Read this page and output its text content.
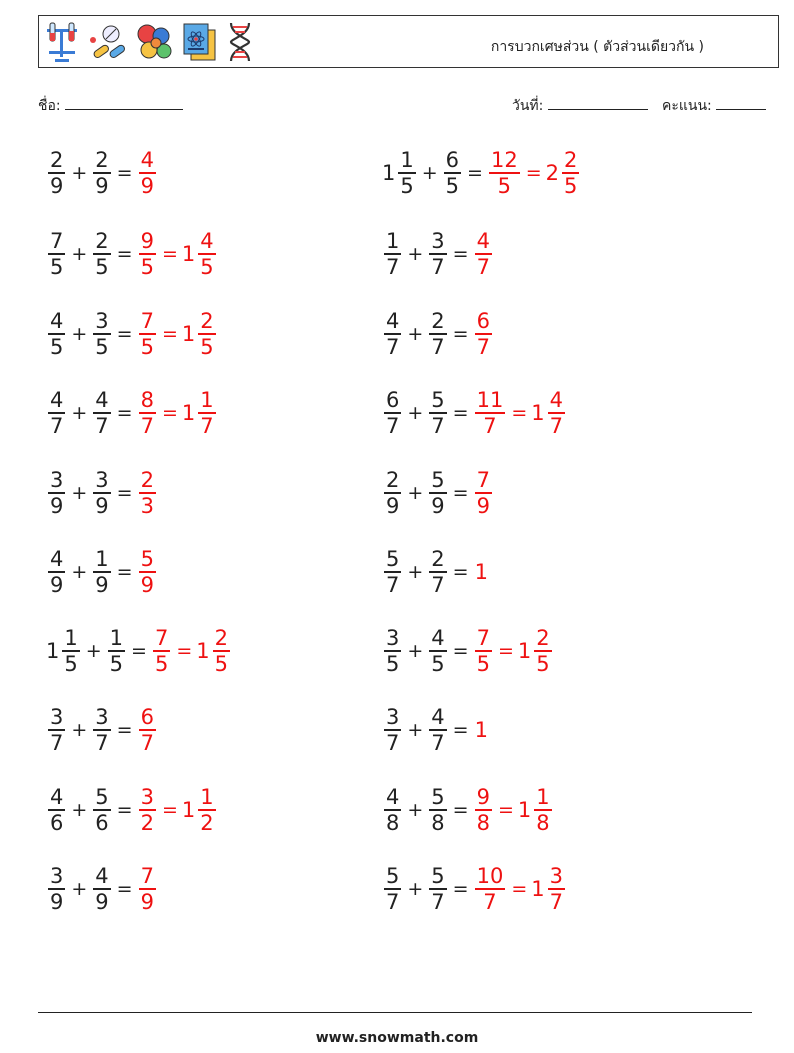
การบวกเศษส่วน ( ตัวส่วนเดียวกัน )
ชื่อ:	วันที่:	คะแนน:
$\frac{2}{9} + \frac{2}{9} = \frac{4}{9}$	$1 \frac{1}{5} + \frac{6}{5} = \frac{12}{5} = 2 \frac{2}{5}$
$\frac{7}{5} + \frac{2}{5} = \frac{9}{5} = 1 \frac{4}{5}$	$\frac{1}{7} + \frac{3}{7} = \frac{4}{7}$
$\frac{4}{5} + \frac{3}{5} = \frac{7}{5} = 1 \frac{2}{5}$	$\frac{4}{7} + \frac{2}{7} = \frac{6}{7}$
$\frac{4}{7} + \frac{4}{7} = \frac{8}{7} = 1 \frac{1}{7}$	$\frac{6}{7} + \frac{5}{7} = \frac{11}{7} = 1 \frac{4}{7}$
$\frac{3}{9} + \frac{3}{9} = \frac{2}{3}$	$\frac{2}{9} + \frac{5}{9} = \frac{7}{9}$
$\frac{4}{9} + \frac{1}{9} = \frac{5}{9}$	$\frac{5}{7} + \frac{2}{7} = 1$
$1 \frac{1}{5} + \frac{1}{5} = \frac{7}{5} = 1 \frac{2}{5}$	$\frac{3}{5} + \frac{4}{5} = \frac{7}{5} = 1 \frac{2}{5}$
$\frac{3}{7} + \frac{3}{7} = \frac{6}{7}$	$\frac{3}{7} + \frac{4}{7} = 1$
$\frac{4}{6} + \frac{5}{6} = \frac{3}{2} = 1 \frac{1}{2}$	$\frac{4}{8} + \frac{5}{8} = \frac{9}{8} = 1 \frac{1}{8}$
$\frac{3}{9} + \frac{4}{9} = \frac{7}{9}$	$\frac{5}{7} + \frac{5}{7} = \frac{10}{7} = 1 \frac{3}{7}$
www.snowmath.com
